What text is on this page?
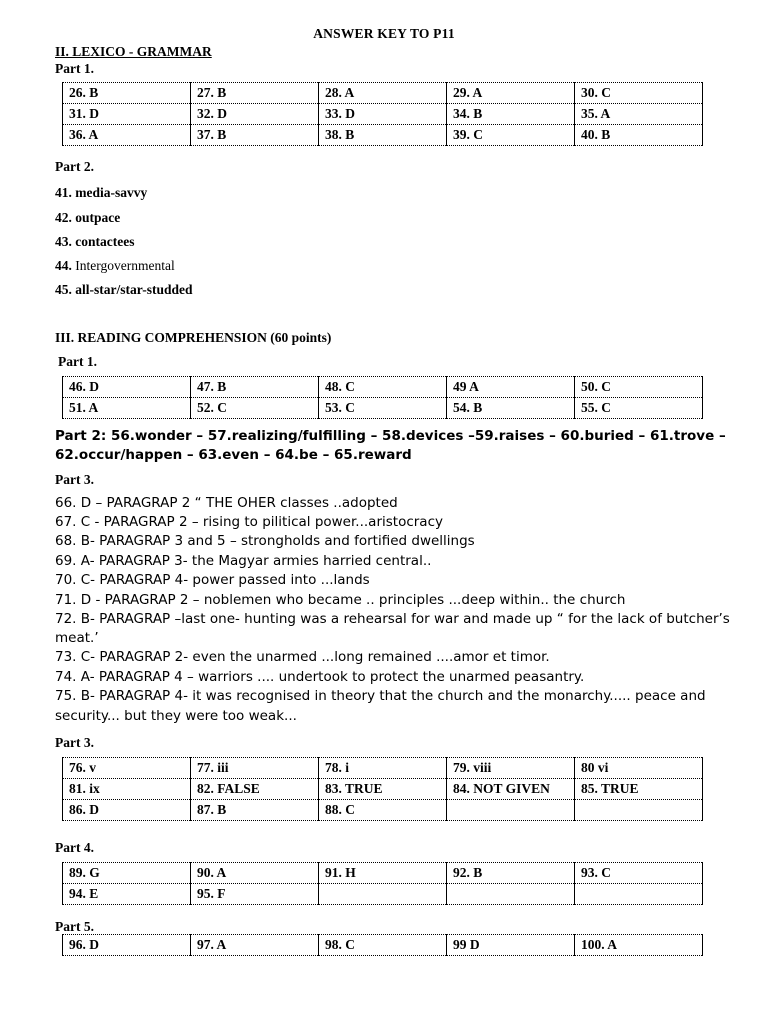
ANSWER KEY TO P11
II. LEXICO - GRAMMAR
Part 1.
26. B	27. B	28. A	29. A	30. C
31. D	32. D	33. D	34. B	35. A
36. A	37. B	38. B	39. C	40. B
Part 2.
41. media-savvy
42. outpace
43. contactees
44. Intergovernmental
45. all-star/star-studded
III. READING COMPREHENSION (60 points)
Part 1.
46. D	47. B	48. C	49 A	50. C
51. A	52. C	53. C	54. B	55. C
Part 2: 56.wonder – 57.realizing/fulfilling – 58.devices –59.raises – 60.buried – 61.trove –
62.occur/happen – 63.even – 64.be – 65.reward
Part 3.
66. D – PARAGRAP 2 “ THE OHER classes ..adopted
67. C - PARAGRAP 2 – rising to pilitical power...aristocracy
68. B- PARAGRAP 3 and 5 – strongholds and fortified dwellings
69. A- PARAGRAP 3- the Magyar armies harried central..
70. C- PARAGRAP 4- power passed into ...lands
71. D - PARAGRAP 2 – noblemen who became .. principles ...deep within.. the church
72. B- PARAGRAP –last one- hunting was a rehearsal for war and made up “ for the lack of butcher’s
meat.’
73. C- PARAGRAP 2- even the unarmed ...long remained ....amor et timor.
74. A- PARAGRAP 4 – warriors .... undertook to protect the unarmed peasantry.
75. B- PARAGRAP 4- it was recognised in theory that the church and the monarchy..... peace and
security... but they were too weak...
Part 3.
76. v	77. iii	78. i	79. viii	80 vi
81. ix	82. FALSE	83. TRUE	84. NOT GIVEN	85. TRUE
86. D	87. B	88. C		
Part 4.
89. G	90. A	91. H	92. B	93. C
94. E	95. F			
Part 5.
96. D	97. A	98. C	99 D	100. A
